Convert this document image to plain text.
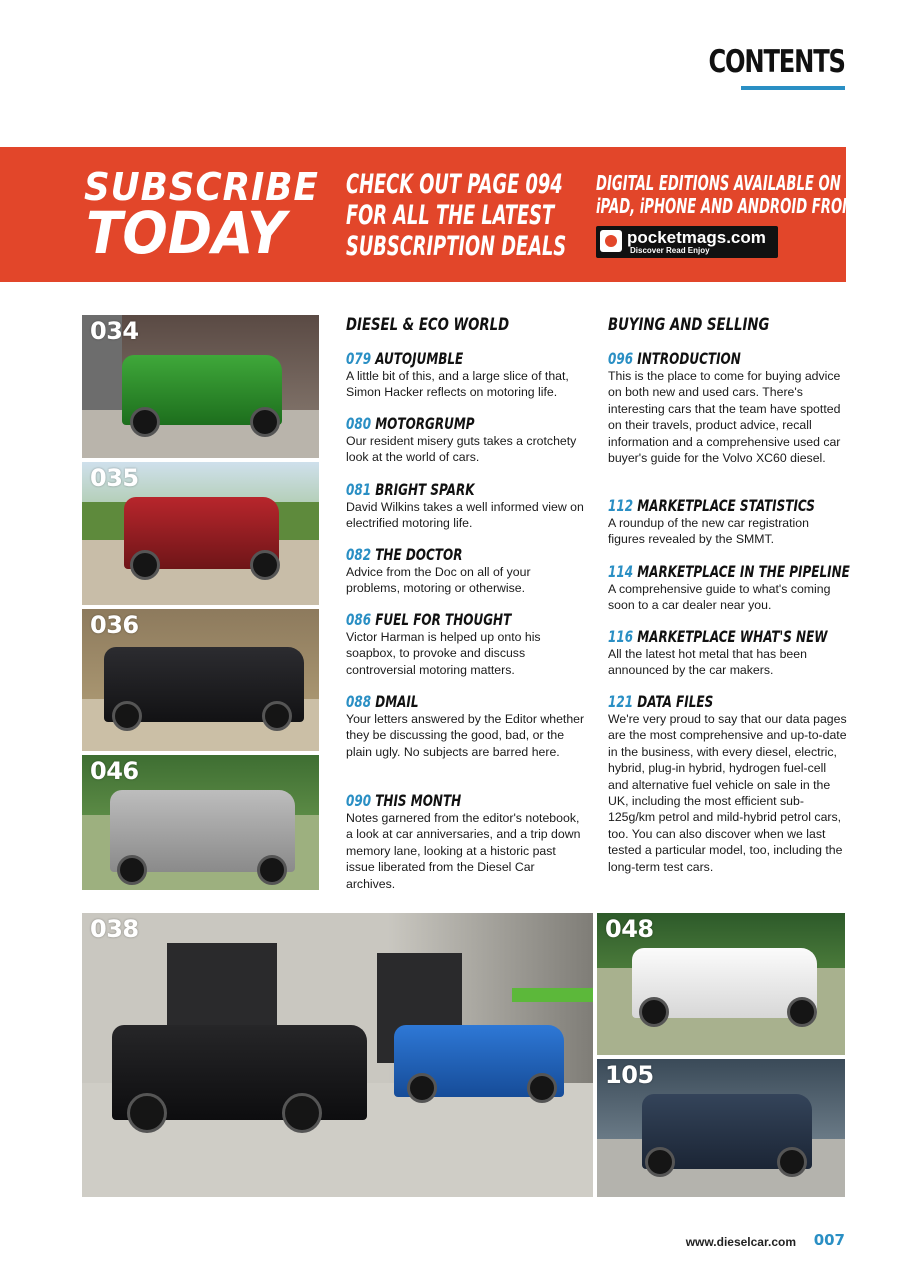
CONTENTS
SUBSCRIBE
TODAY
CHECK OUT PAGE 094
FOR ALL THE LATEST
SUBSCRIPTION DEALS
DIGITAL EDITIONS AVAILABLE ON
iPAD, iPHONE AND ANDROID FROM
pocketmags.com
Discover Read Enjoy
034
035
036
046
038	048
105
DIESEL & ECO WORLD
079 AUTOJUMBLE
A little bit of this, and a large slice of that, Simon Hacker reflects on motoring life.
080 MOTORGRUMP
Our resident misery guts takes a crotchety look at the world of cars.
081 BRIGHT SPARK
David Wilkins takes a well informed view on electrified motoring life.
082 THE DOCTOR
Advice from the Doc on all of your problems, motoring or otherwise.
086 FUEL FOR THOUGHT
Victor Harman is helped up onto his soapbox, to provoke and discuss controversial motoring matters.
088 DMAIL
Your letters answered by the Editor whether they be discussing the good, bad, or the plain ugly. No subjects are barred here.
090 THIS MONTH
Notes garnered from the editor's notebook, a look at car anniversaries, and a trip down memory lane, looking at a historic past issue liberated from the Diesel Car archives.
BUYING AND SELLING
096 INTRODUCTION
This is the place to come for buying advice on both new and used cars. There's interesting cars that the team have spotted on their travels, product advice, recall information and a comprehensive used car buyer's guide for the Volvo XC60 diesel.
112 MARKETPLACE STATISTICS
A roundup of the new car registration figures revealed by the SMMT.
114 MARKETPLACE IN THE PIPELINE
A comprehensive guide to what's coming soon to a car dealer near you.
116 MARKETPLACE WHAT'S NEW
All the latest hot metal that has been announced by the car makers.
121 DATA FILES
We're very proud to say that our data pages are the most comprehensive and up-to-date in the business, with every diesel, electric, hybrid, plug-in hybrid, hydrogen fuel-cell and alternative fuel vehicle on sale in the UK, including the most efficient sub-125g/km petrol and mild-hybrid petrol cars, too. You can also discover when we last tested a particular model, too, including the long-term test cars.
www.dieselcar.com 007
